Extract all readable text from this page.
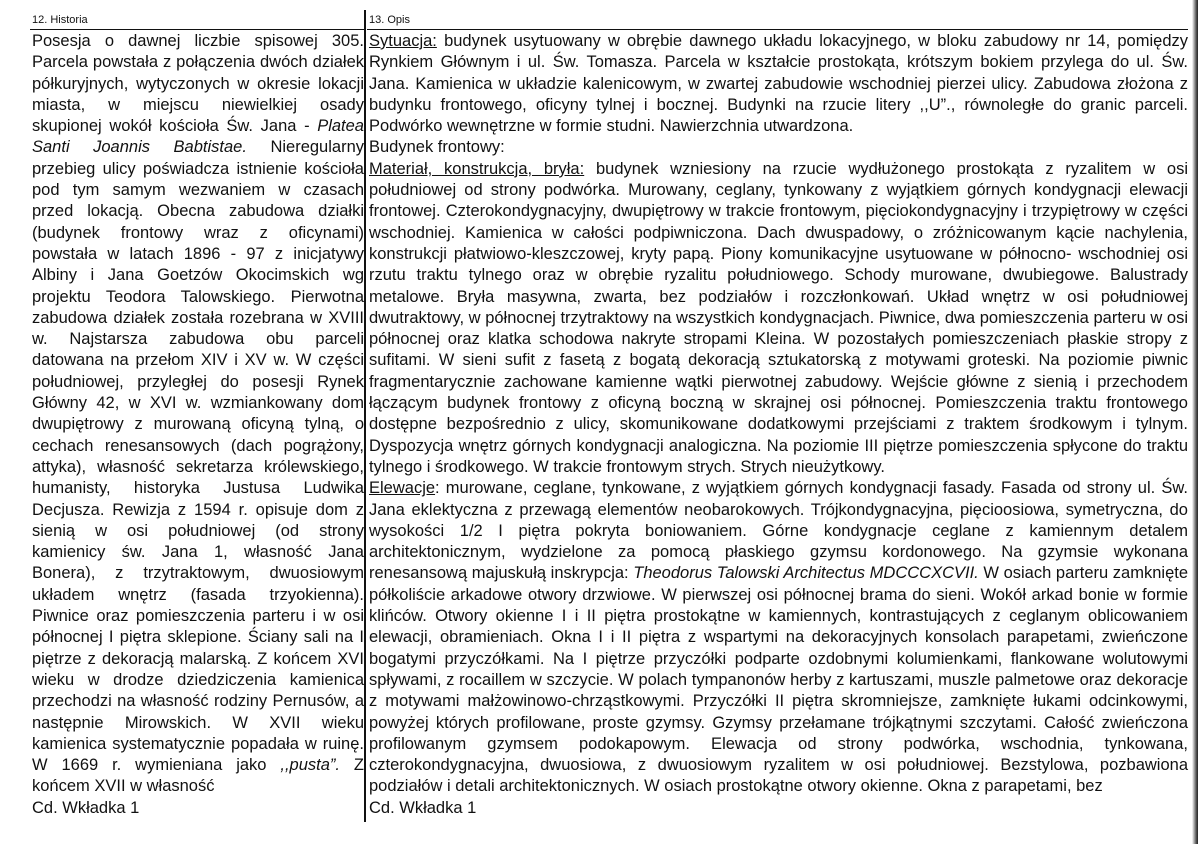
12. Historia

Posesja o dawnej liczbie spisowej 305. Parcela powstała z połączenia dwóch działek półkuryjnych, wytyczonych w okresie lokacji miasta, w miejscu niewielkiej osady skupionej wokół kościoła Św. Jana - Platea Santi Joannis Babtistae. Nieregularny przebieg ulicy poświadcza istnienie kościoła pod tym samym wezwaniem w czasach przed lokacją. Obecna zabudowa działki (budynek frontowy wraz z oficynami) powstała w latach 1896 - 97 z inicjatywy Albiny i Jana Goetzów Okocimskich wg projektu Teodora Talowskiego. Pierwotna zabudowa działek została rozebrana w XVIII w. Najstarsza zabudowa obu parceli datowana na przełom XIV i XV w. W części południowej, przyległej do posesji Rynek Główny 42, w XVI w. wzmiankowany dom dwupiętrowy z murowaną oficyną tylną, o cechach renesansowych (dach pogrążony, attyka), własność sekretarza królewskiego, humanisty, historyka Justusa Ludwika Decjusza. Rewizja z 1594 r. opisuje dom z sienią w osi południowej (od strony kamienicy św. Jana 1, własność Jana Bonera), z trzytraktowym, dwuosiowym układem wnętrz (fasada trzyokienna). Piwnice oraz pomieszczenia parteru i w osi północnej I piętra sklepione. Ściany sali na I piętrze z dekoracją malarską. Z końcem XVI wieku w drodze dziedziczenia kamienica przechodzi na własność rodziny Pernusów, a następnie Mirowskich. W XVII wieku kamienica systematycznie popadała w ruinę. W 1669 r. wymieniana jako ,,pusta”. Z końcem XVII w własność

Cd. Wkładka 1
13. Opis

Sytuacja: budynek usytuowany w obrębie dawnego układu lokacyjnego, w bloku zabudowy nr 14, pomiędzy Rynkiem Głównym i ul. Św. Tomasza. Parcela w kształcie prostokąta, krótszym bokiem przylega do ul. Św. Jana. Kamienica w układzie kalenicowym, w zwartej zabudowie wschodniej pierzei ulicy. Zabudowa złożona z budynku frontowego, oficyny tylnej i bocznej. Budynki na rzucie litery ,,U”., równoległe do granic parceli. Podwórko wewnętrzne w formie studni. Nawierzchnia utwardzona.

Budynek frontowy:

Materiał, konstrukcja, bryła: budynek wzniesiony na rzucie wydłużonego prostokąta z ryzalitem w osi południowej od strony podwórka. Murowany, ceglany, tynkowany z wyjątkiem górnych kondygnacji elewacji frontowej. Czterokondygnacyjny, dwupiętrowy w trakcie frontowym, pięciokondygnacyjny i trzypiętrowy w części wschodniej. Kamienica w całości podpiwniczona. Dach dwuspadowy, o zróżnicowanym kącie nachylenia, konstrukcji płatwiowo-kleszczowej, kryty papą. Piony komunikacyjne usytuowane w północno- wschodniej osi rzutu traktu tylnego oraz w obrębie ryzalitu południowego. Schody murowane, dwubiegowe. Balustrady metalowe. Bryła masywna, zwarta, bez podziałów i rozczłonkowań. Układ wnętrz w osi południowej dwutraktowy, w północnej trzytraktowy na wszystkich kondygnacjach. Piwnice, dwa pomieszczenia parteru w osi północnej oraz klatka schodowa nakryte stropami Kleina. W pozostałych pomieszczeniach płaskie stropy z sufitami. W sieni sufit z fasetą z bogatą dekoracją sztukatorską z motywami groteski. Na poziomie piwnic fragmentarycznie zachowane kamienne wątki pierwotnej zabudowy. Wejście główne z sienią i przechodem łączącym budynek frontowy z oficyną boczną w skrajnej osi północnej. Pomieszczenia traktu frontowego dostępne bezpośrednio z ulicy, skomunikowane dodatkowymi przejściami z traktem środkowym i tylnym. Dyspozycja wnętrz górnych kondygnacji analogiczna. Na poziomie III piętrze pomieszczenia spłycone do traktu tylnego i środkowego. W trakcie frontowym strych. Strych nieużytkowy.

Elewacje: murowane, ceglane, tynkowane, z wyjątkiem górnych kondygnacji fasady. Fasada od strony ul. Św. Jana eklektyczna z przewagą elementów neobarokowych. Trójkondygnacyjna, pięcioosiowa, symetryczna, do wysokości 1/2 I piętra pokryta boniowaniem. Górne kondygnacje ceglane z kamiennym detalem architektonicznym, wydzielone za pomocą płaskiego gzymsu kordonowego. Na gzymsie wykonana renesansową majuskułą inskrypcja: Theodorus Talowski Architectus MDCCCXCVII. W osiach parteru zamknięte półkoliście arkadowe otwory drzwiowe. W pierwszej osi północnej brama do sieni. Wokół arkad bonie w formie klińców. Otwory okienne I i II piętra prostokątne w kamiennych, kontrastujących z ceglanym oblicowaniem elewacji, obramieniach. Okna I i II piętra z wspartymi na dekoracyjnych konsolach parapetami, zwieńczone bogatymi przyczółkami. Na I piętrze przyczółki podparte ozdobnymi kolumienkami, flankowane wolutowymi spływami, z rocaillem w szczycie. W polach tympanonów herby z kartuszami, muszle palmetowe oraz dekoracje z motywami małżowinowo-chrząstkowymi. Przyczółki II piętra skromniejsze, zamknięte łukami odcinkowymi, powyżej których profilowane, proste gzymsy. Gzymsy przełamane trójkątnymi szczytami. Całość zwieńczona profilowanym gzymsem podokapowym. Elewacja od strony podwórka, wschodnia, tynkowana, czterokondygnacyjna, dwuosiowa, z dwuosiowym ryzalitem w osi południowej. Bezstylowa, pozbawiona podziałów i detali architektonicznych. W osiach prostokątne otwory okienne. Okna z parapetami, bez

Cd. Wkładka 1
